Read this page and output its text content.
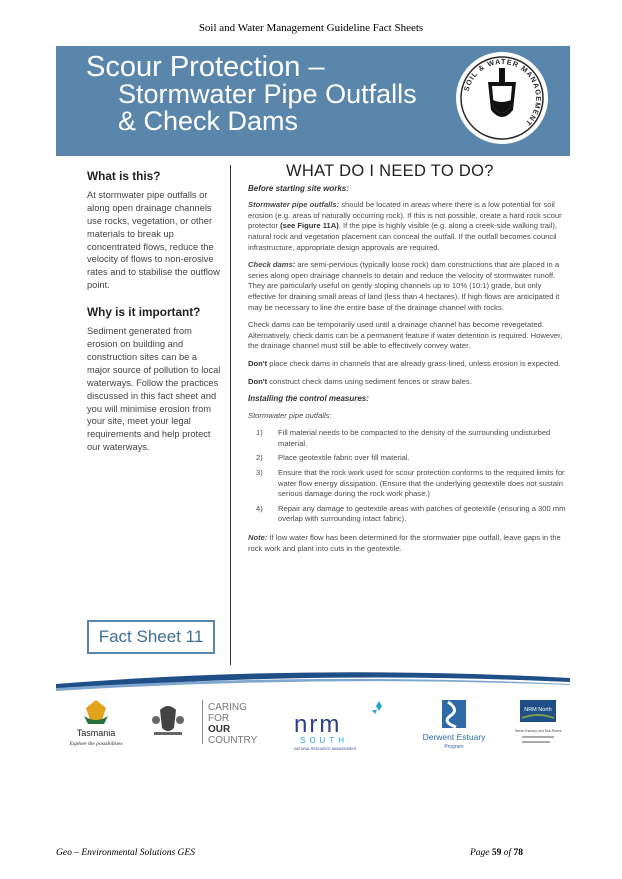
Soil and Water Management Guideline Fact Sheets
Scour Protection –
Stormwater Pipe Outfalls
& Check Dams
SOIL & WATER MANAGEMENT
What is this?

At stormwater pipe outfalls or along open drainage channels use rocks, vegetation, or other materials to break up concentrated flows, reduce the velocity of flows to non-erosive rates and to stabilise the outflow point.

Why is it important?

Sediment generated from erosion on building and construction sites can be a major source of pollution to local waterways. Follow the practices discussed in this fact sheet and you will minimise erosion from your site, meet your legal requirements and help protect our waterways.

WHAT DO I NEED TO DO?
Before starting site works:

Stormwater pipe outfalls: should be located in areas where there is a low potential for soil erosion (e.g. areas of naturally occurring rock). If this is not possible, create a hard rock scour protector (see Figure 11A). If the pipe is highly visible (e.g. along a creek-side walking trail), natural rock and vegetation placement can conceal the outfall. If the outfall becomes council infrastructure, appropriate design approvals are required.

Check dams: are semi-pervious (typically loose rock) dam constructions that are placed in a series along open drainage channels to detain and reduce the velocity of stormwater runoff. They are particularly useful on gently sloping channels up to 10% (10:1) grade, but only effective for draining small areas of land (less than 4 hectares). If high flows are anticipated it may be necessary to line the entire base of the drainage channel with rocks.

Check dams can be temporarily used until a drainage channel has become revegetated. Alternatively, check dams can be a permanent feature if water detention is required. However, the drainage channel must still be able to effectively convey water.

Don't place check dams in channels that are already grass-lined, unless erosion is expected.

Don't construct check dams using sediment fences or straw bales.

Installing the control measures:

Stormwater pipe outfalls:

1) Fill material needs to be compacted to the density of the surrounding undisturbed material.
2) Place geotextile fabric over fill material.
3) Ensure that the rock work used for scour protection conforms to the required limits for water flow energy dissipation. (Ensure that the underlying geotextile does not sustain serious damage during the rock work phase.)
4) Repair any damage to geotextile areas with patches of geotextile (ensuring a 300 mm overlap with surrounding intact fabric).

Note: If low water flow has been determined for the stormwater pipe outfall, leave gaps in the rock work and plant into cuts in the geotextile.

Fact Sheet 11
Tasmania
Explore the possibilities
CARING
FOR
OUR
COUNTRY
nrm
SOUTH
NATURAL RESOURCE MANAGEMENT
Derwent Estuary
Program
NRM North
Tamar Estuary and Esk Rivers
Geo – Environmental Solutions GES	Page 59 of 78
